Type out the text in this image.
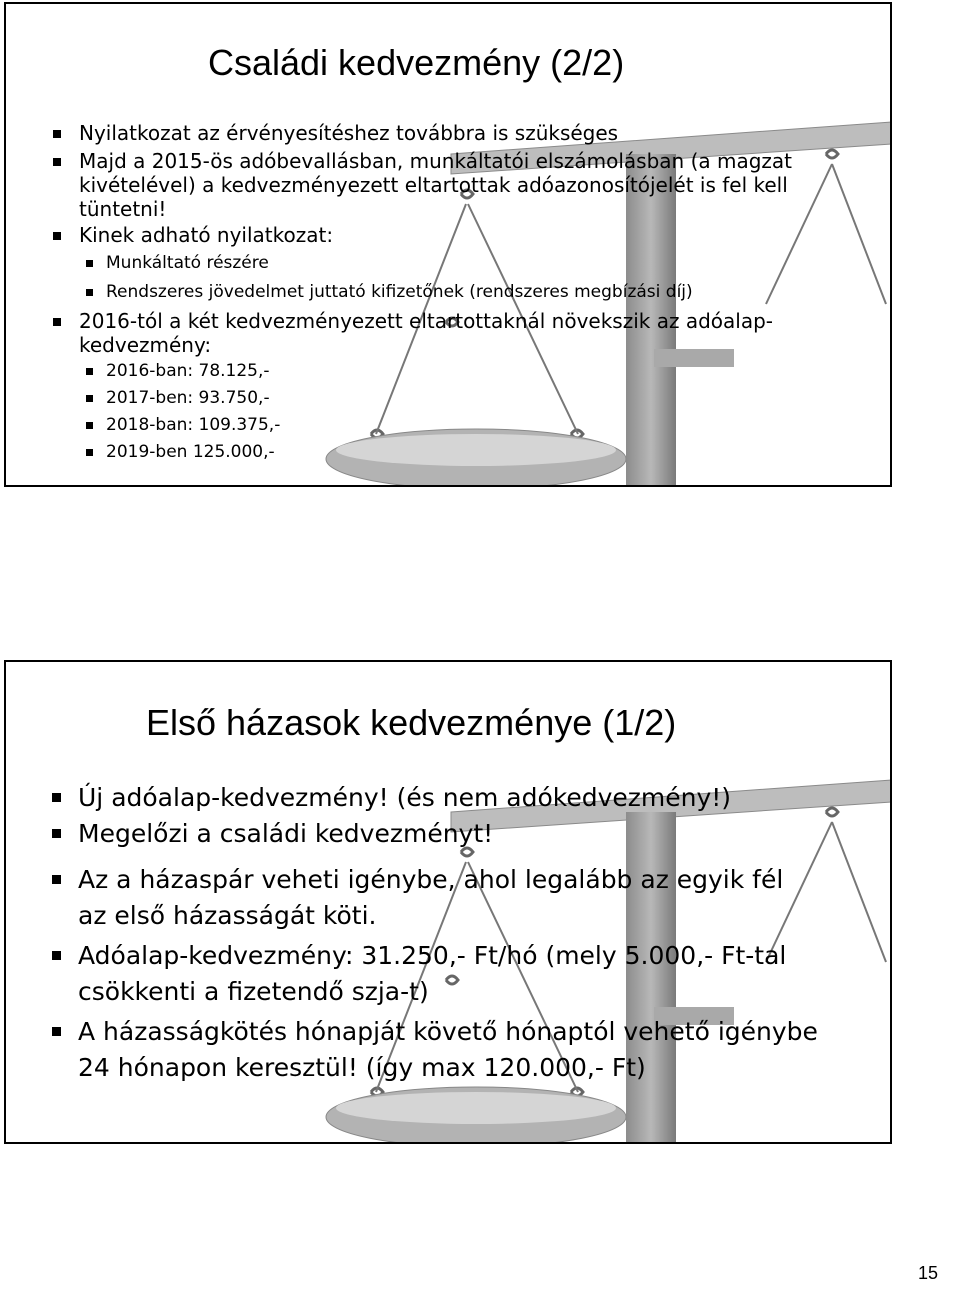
Családi kedvezmény (2/2)

Nyilatkozat az érvényesítéshez továbbra is szükséges

Majd a 2015-ös adóbevallásban, munkáltatói elszámolásban (a magzat kivételével) a kedvezményezett eltartottak adóazonosítójelét is fel kell tüntetni!

Kinek adható nyilatkozat:

Munkáltató részére

Rendszeres jövedelmet juttató kifizetőnek (rendszeres megbízási díj)

2016-tól a két kedvezményezett eltartottaknál növekszik az adóalap-kedvezmény:

2016-ban: 78.125,-

2017-ben: 93.750,-

2018-ban: 109.375,-

2019-ben 125.000,-

Első házasok kedvezménye (1/2)

Új adóalap-kedvezmény! (és nem adókedvezmény!)

Megelőzi a családi kedvezményt!

Az a házaspár veheti igénybe, ahol legalább az egyik fél az első házasságát köti.

Adóalap-kedvezmény: 31.250,- Ft/hó (mely 5.000,- Ft-tal csökkenti a fizetendő szja-t)

A házasságkötés hónapját követő hónaptól vehető igénybe 24 hónapon keresztül! (így max 120.000,- Ft)

15
